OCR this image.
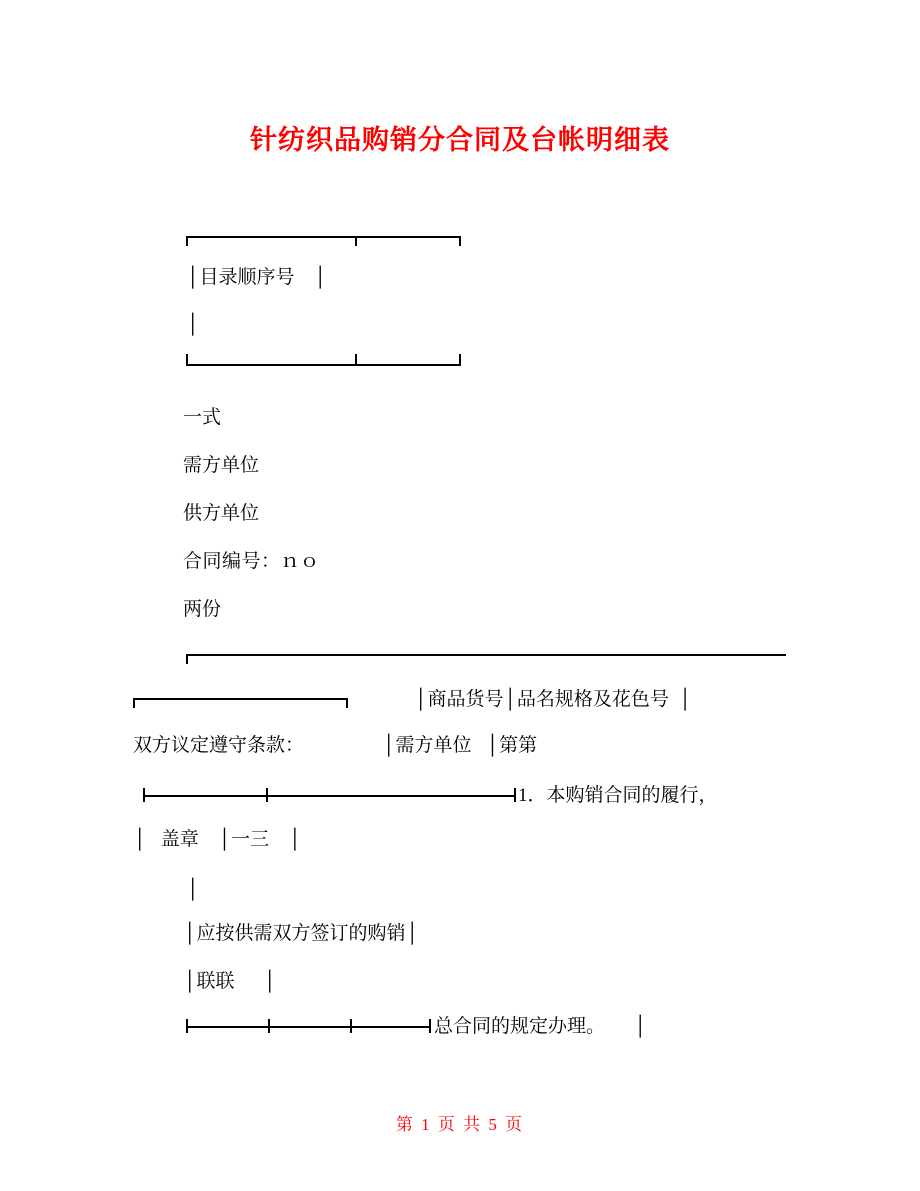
针纺织品购销分合同及台帐明细表
│目录顺序号    │
│
一式
需方单位
供方单位
合同编号：ｎｏ
两份
│商品货号│品名规格及花色号  │
双方议定遵守条款：	│需方单位   │第第
1．本购销合同的履行，
│   盖章    │一三    │
│
│应按供需双方签订的购销│
│联联      │
总合同的规定办理。      │
第 1 页 共 5 页
